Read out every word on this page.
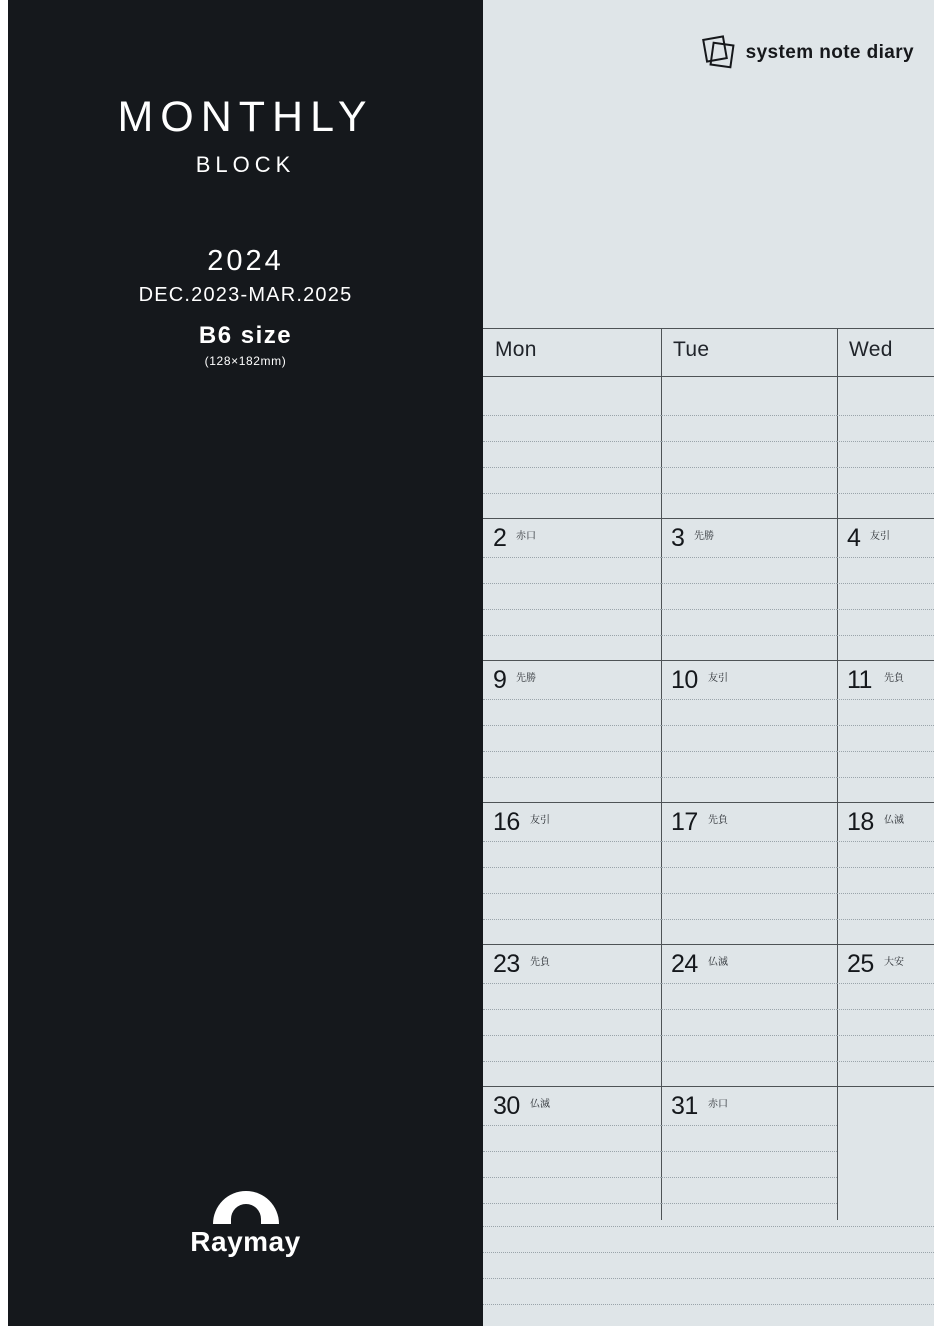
MONTHLY
BLOCK
2024
DEC.2023-MAR.2025
B6 size
(128×182mm)
Raymay
system note diary
Mon	Tue	Wed
2 赤口	3 先勝	4 友引
9 先勝	10 友引	11 先負
16 友引	17 先負	18 仏滅
23 先負	24 仏滅	25 大安
30 仏滅	31 赤口
